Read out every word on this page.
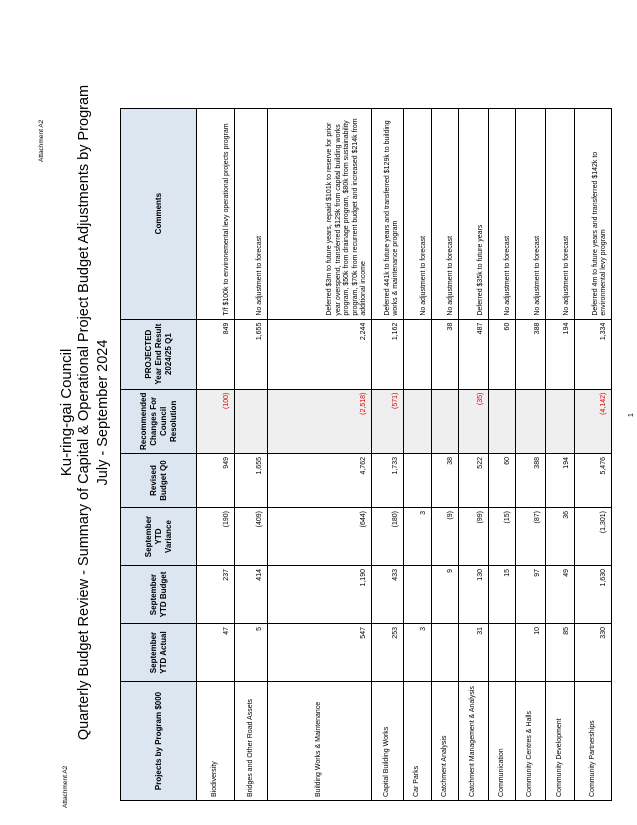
Attachment A2
Attachment A2
Ku-ring-gai Council Quarterly Budget Review - Summary of Capital & Operational Project Budget Adjustments by Program July - September 2024
Projects by Program $000	September YTD Actual	September YTD Budget	September YTD Variance	Revised Budget Q0	Recommended Changes For Council Resolution	PROJECTED Year End Result 2024/25 Q1	Comments
Biodiversity	47	237	(190)	949	(100)	849	T/f $100k to environemental levy operational projects program
Bridges and Other Road Assets	5	414	(409)	1,655		1,655	No adjustment to forecast
Building Works & Maintenance	547	1,190	(644)	4,762	(2,518)	2,244	Deferred $3m to future years, repaid $101k to reserve for prior year overspend, transferred $129k from capital building works program, $50k from drainage program, $80k from sustainability program, $70k from recurrent budget and increased $214k from additional income
Capital Building Works	253	433	(180)	1,733	(571)	1,162	Deferred 441k to future years and transferred $129k to building works & maintenance program
Car Parks	3		3				No adjustment to forecast
Catchment Analysis		9	(9)	38		38	No adjustment to forecast
Catchment Management & Analysis	31	130	(99)	522	(35)	487	Deferred $35k to future years
Communication		15	(15)	60		60	No adjustment to forecast
Community Centres & Halls	10	97	(87)	388		388	No adjustment to forecast
Community Development	85	49	36	194		194	No adjustment to forecast
Community Partnerships	330	1,630	(1,301)	5,476	(4,142)	1,334	Deferred 4m to future years and transferred $142k to environmental levy program
1
